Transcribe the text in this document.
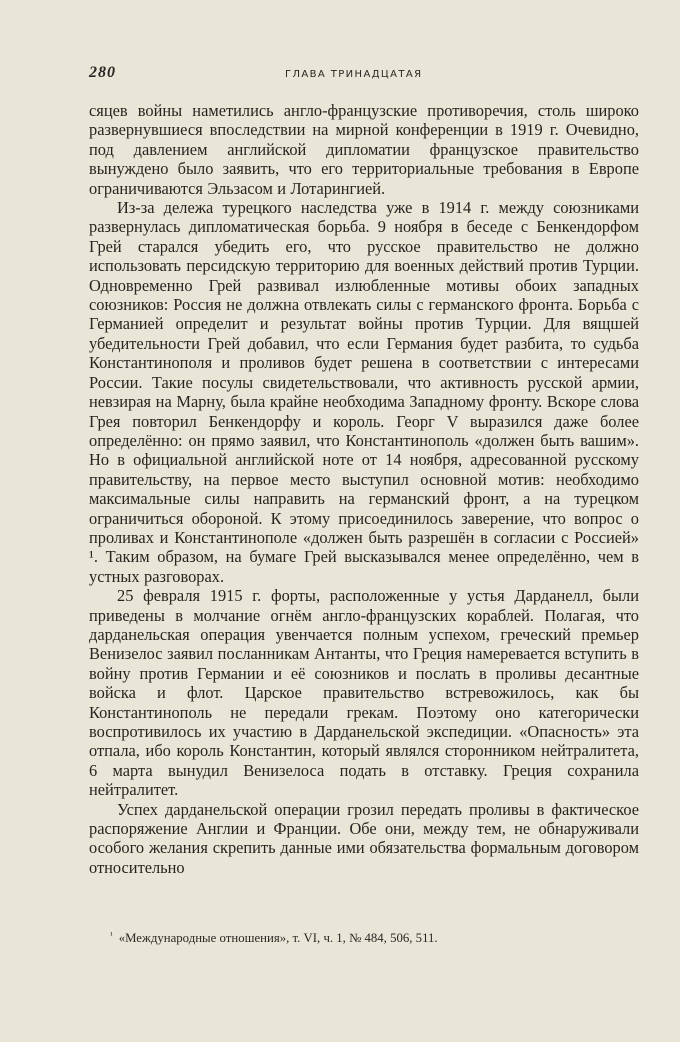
280	ГЛАВА ТРИНАДЦАТАЯ

сяцев войны наметились англо-французские противоречия, столь широко развернувшиеся впоследствии на мирной конференции в 1919 г. Очевидно, под давлением английской дипломатии французское правительство вынуждено было заявить, что его территориальные требования в Европе ограничиваются Эльзасом и Лотарингией.

Из-за дележа турецкого наследства уже в 1914 г. между союзниками развернулась дипломатическая борьба. 9 ноября в беседе с Бенкендорфом Грей старался убедить его, что русское правительство не должно использовать персидскую территорию для военных действий против Турции. Одновременно Грей развивал излюбленные мотивы обоих западных союзников: Россия не должна отвлекать силы с германского фронта. Борьба с Германией определит и результат войны против Турции. Для вящшей убедительности Грей добавил, что если Германия будет разбита, то судьба Константинополя и проливов будет решена в соответствии с интересами России. Такие посулы свидетельствовали, что активность русской армии, невзирая на Марну, была крайне необходима Западному фронту. Вскоре слова Грея повторил Бенкендорфу и король. Георг V выразился даже более определённо: он прямо заявил, что Константинополь «должен быть вашим». Но в официальной английской ноте от 14 ноября, адресованной русскому правительству, на первое место выступил основной мотив: необходимо максимальные силы направить на германский фронт, а на турецком ограничиться обороной. К этому присоединилось заверение, что вопрос о проливах и Константинополе «должен быть разрешён в согласии с Россией» ¹. Таким образом, на бумаге Грей высказывался менее определённо, чем в устных разговорах.

25 февраля 1915 г. форты, расположенные у устья Дарданелл, были приведены в молчание огнём англо-французских кораблей. Полагая, что дарданельская операция увенчается полным успехом, греческий премьер Венизелос заявил посланникам Антанты, что Греция намеревается вступить в войну против Германии и её союзников и послать в проливы десантные войска и флот. Царское правительство встревожилось, как бы Константинополь не передали грекам. Поэтому оно категорически воспротивилось их участию в Дарданельской экспедиции. «Опасность» эта отпала, ибо король Константин, который являлся сторонником нейтралитета, 6 марта вынудил Венизелоса подать в отставку. Греция сохранила нейтралитет.

Успех дарданельской операции грозил передать проливы в фактическое распоряжение Англии и Франции. Обе они, между тем, не обнаруживали особого желания скрепить данные ими обязательства формальным договором относительно

$^{^1}$ «Международные отношения», т. VI, ч. 1, № 484, 506, 511.
